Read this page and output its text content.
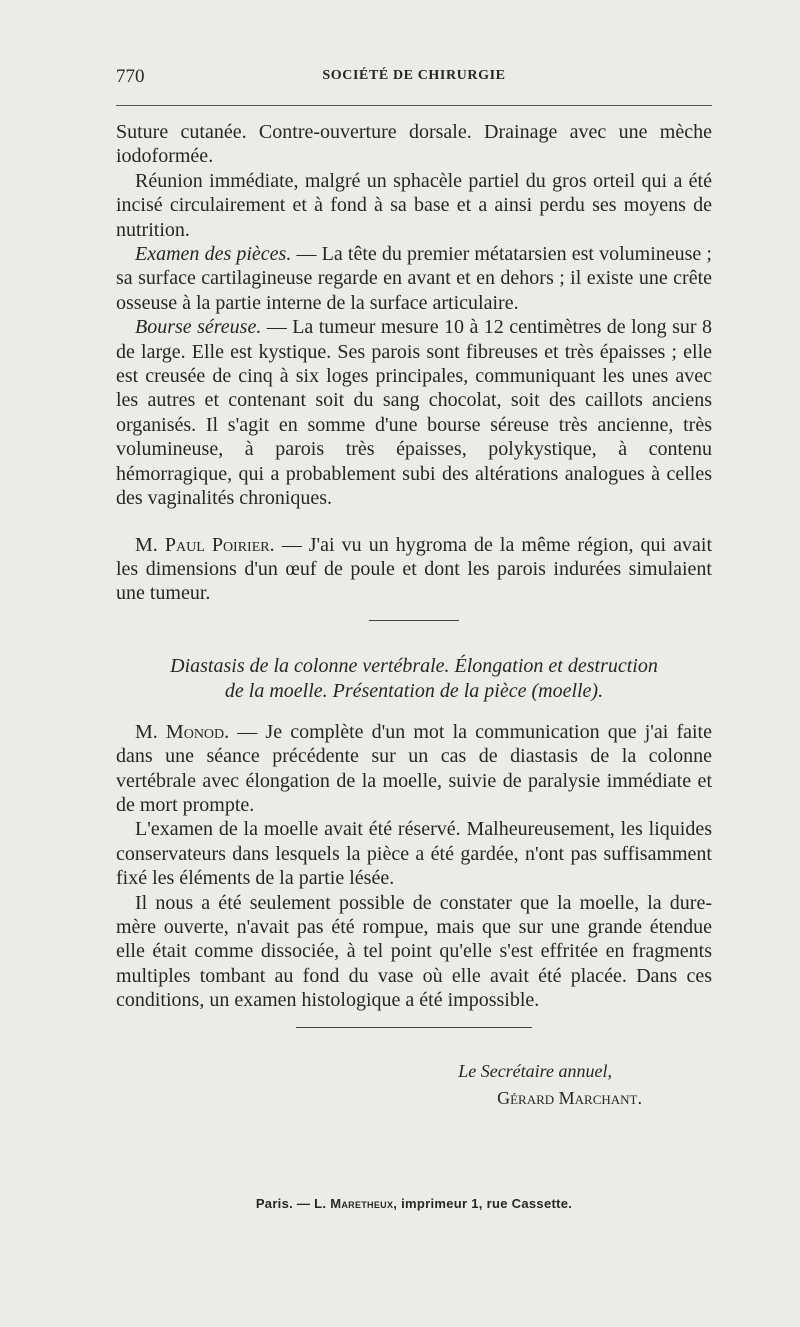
770	SOCIÉTÉ DE CHIRURGIE

Suture cutanée. Contre-ouverture dorsale. Drainage avec une mèche iodoformée.

Réunion immédiate, malgré un sphacèle partiel du gros orteil qui a été incisé circulairement et à fond à sa base et a ainsi perdu ses moyens de nutrition.

Examen des pièces. — La tête du premier métatarsien est volumineuse ; sa surface cartilagineuse regarde en avant et en dehors ; il existe une crête osseuse à la partie interne de la surface articulaire.

Bourse séreuse. — La tumeur mesure 10 à 12 centimètres de long sur 8 de large. Elle est kystique. Ses parois sont fibreuses et très épaisses ; elle est creusée de cinq à six loges principales, communiquant les unes avec les autres et contenant soit du sang chocolat, soit des caillots anciens organisés. Il s'agit en somme d'une bourse séreuse très ancienne, très volumineuse, à parois très épaisses, polykystique, à contenu hémorragique, qui a probablement subi des altérations analogues à celles des vaginalités chroniques.

M. Paul Poirier. — J'ai vu un hygroma de la même région, qui avait les dimensions d'un œuf de poule et dont les parois indurées simulaient une tumeur.

Diastasis de la colonne vertébrale. Élongation et destruction
de la moelle. Présentation de la pièce (moelle).

M. Monod. — Je complète d'un mot la communication que j'ai faite dans une séance précédente sur un cas de diastasis de la colonne vertébrale avec élongation de la moelle, suivie de paralysie immédiate et de mort prompte.

L'examen de la moelle avait été réservé. Malheureusement, les liquides conservateurs dans lesquels la pièce a été gardée, n'ont pas suffisamment fixé les éléments de la partie lésée.

Il nous a été seulement possible de constater que la moelle, la dure-mère ouverte, n'avait pas été rompue, mais que sur une grande étendue elle était comme dissociée, à tel point qu'elle s'est effritée en fragments multiples tombant au fond du vase où elle avait été placée. Dans ces conditions, un examen histologique a été impossible.

Le Secrétaire annuel,
Gérard Marchant.
Paris. — L. Maretheux, imprimeur 1, rue Cassette.
